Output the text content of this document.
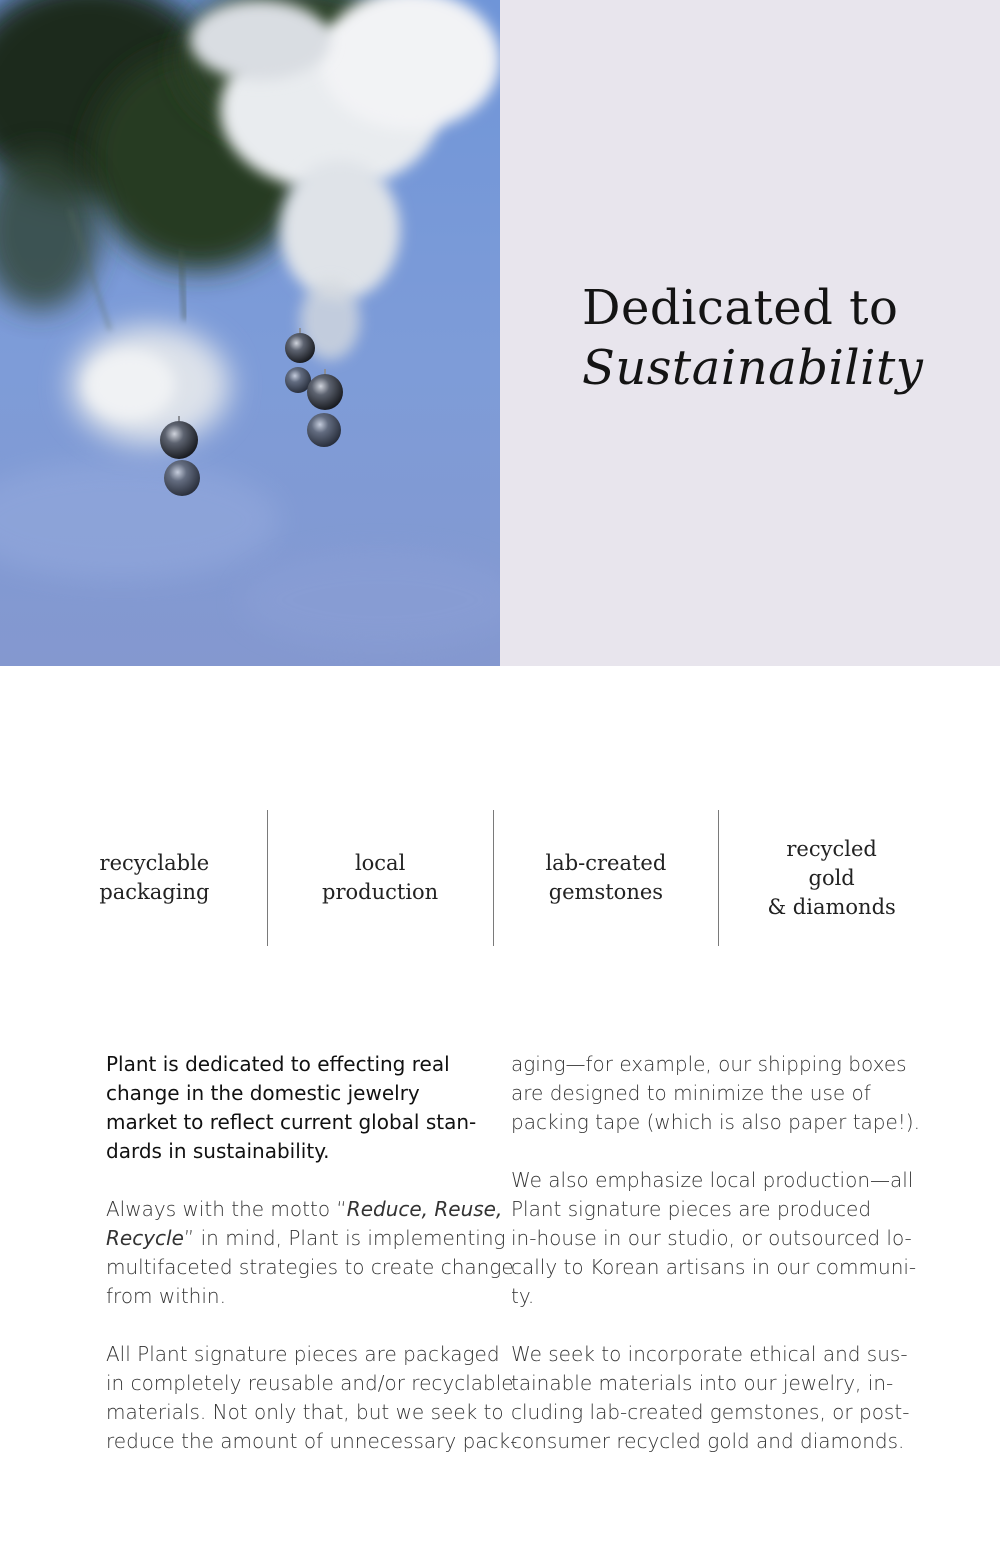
Dedicated to
Sustainability
recyclable
packaging
local
production
lab-created
gemstones
recycled gold
& diamonds

Plant is dedicated to effecting real
change in the domestic jewelry
market to reflect current global stan-
dards in sustainability.

Always with the motto “Reduce, Reuse,
Recycle” in mind, Plant is implementing
multifaceted strategies to create change
from within.

All Plant signature pieces are packaged
in completely reusable and/or recyclable
materials. Not only that, but we seek to
reduce the amount of unnecessary pack-

aging—for example, our shipping boxes
are designed to minimize the use of
packing tape (which is also paper tape!).

We also emphasize local production—all
Plant signature pieces are produced
in-house in our studio, or outsourced lo-
cally to Korean artisans in our communi-
ty.

We seek to incorporate ethical and sus-
tainable materials into our jewelry, in-
cluding lab-created gemstones, or post-
consumer recycled gold and diamonds.
